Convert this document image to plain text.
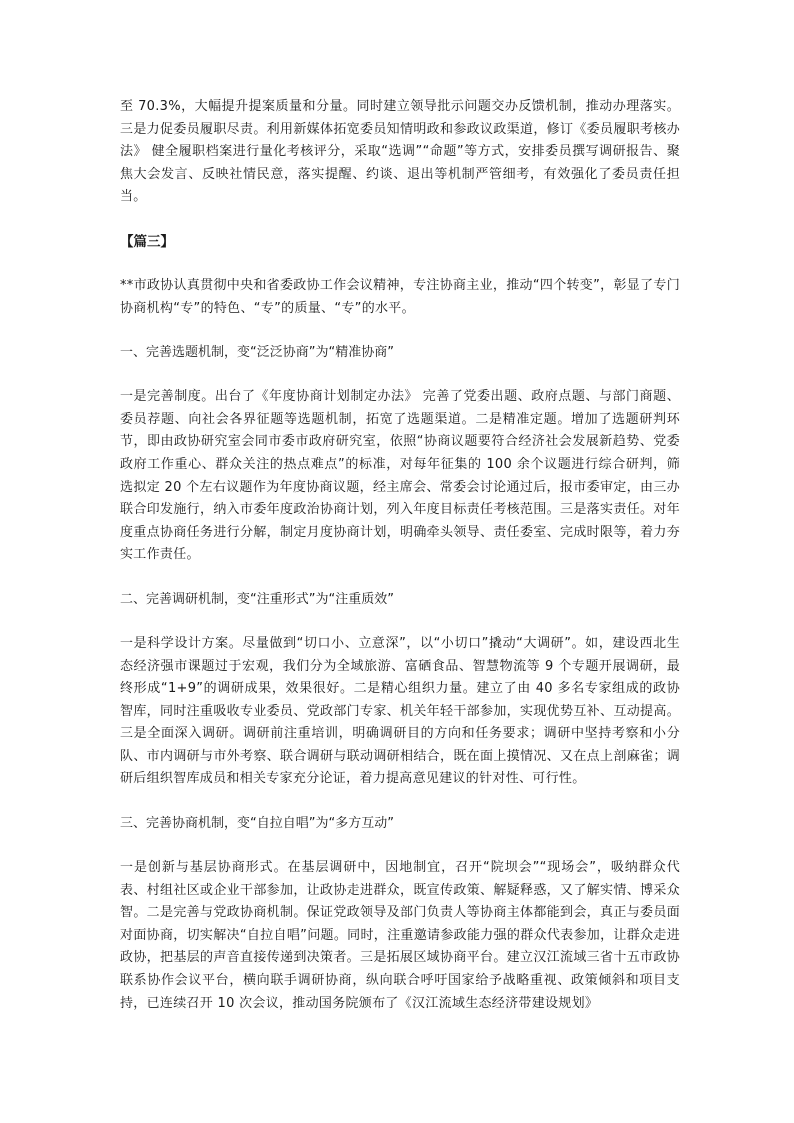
至 70.3%，大幅提升提案质量和分量。同时建立领导批示问题交办反馈机制，推动办理落实。三是力促委员履职尽责。利用新媒体拓宽委员知情明政和参政议政渠道，修订《委员履职考核办法》 健全履职档案进行量化考核评分，采取“选调”“命题”等方式，安排委员撰写调研报告、聚焦大会发言、反映社情民意，落实提醒、约谈、退出等机制严管细考，有效强化了委员责任担当。

【篇三】

**市政协认真贯彻中央和省委政协工作会议精神，专注协商主业，推动“四个转变”，彰显了专门协商机构“专”的特色、“专”的质量、“专”的水平。

一、完善选题机制，变“泛泛协商”为“精准协商”

一是完善制度。出台了《年度协商计划制定办法》 完善了党委出题、政府点题、与部门商题、委员荐题、向社会各界征题等选题机制，拓宽了选题渠道。二是精准定题。增加了选题研判环节，即由政协研究室会同市委市政府研究室，依照“协商议题要符合经济社会发展新趋势、党委政府工作重心、群众关注的热点难点”的标准，对每年征集的 100 余个议题进行综合研判，筛选拟定 20 个左右议题作为年度协商议题，经主席会、常委会讨论通过后，报市委审定，由三办联合印发施行，纳入市委年度政治协商计划，列入年度目标责任考核范围。三是落实责任。对年度重点协商任务进行分解，制定月度协商计划，明确牵头领导、责任委室、完成时限等，着力夯实工作责任。

二、完善调研机制，变“注重形式”为“注重质效”

一是科学设计方案。尽量做到“切口小、立意深”，以“小切口”撬动“大调研”。如，建设西北生态经济强市课题过于宏观，我们分为全域旅游、富硒食品、智慧物流等 9 个专题开展调研，最终形成“1+9”的调研成果，效果很好。二是精心组织力量。建立了由 40 多名专家组成的政协智库，同时注重吸收专业委员、党政部门专家、机关年轻干部参加，实现优势互补、互动提高。三是全面深入调研。调研前注重培训，明确调研目的方向和任务要求；调研中坚持考察和小分队、市内调研与市外考察、联合调研与联动调研相结合，既在面上摸情况、又在点上剖麻雀；调研后组织智库成员和相关专家充分论证，着力提高意见建议的针对性、可行性。

三、完善协商机制，变“自拉自唱”为“多方互动”

一是创新与基层协商形式。在基层调研中，因地制宜，召开“院坝会”“现场会”，吸纳群众代表、村组社区或企业干部参加，让政协走进群众，既宣传政策、解疑释惑，又了解实情、博采众智。二是完善与党政协商机制。保证党政领导及部门负责人等协商主体都能到会，真正与委员面对面协商，切实解决“自拉自唱”问题。同时，注重邀请参政能力强的群众代表参加，让群众走进政协，把基层的声音直接传递到决策者。三是拓展区域协商平台。建立汉江流域三省十五市政协联系协作会议平台，横向联手调研协商，纵向联合呼吁国家给予战略重视、政策倾斜和项目支持，已连续召开 10 次会议，推动国务院颁布了《汉江流域生态经济带建设规划》
